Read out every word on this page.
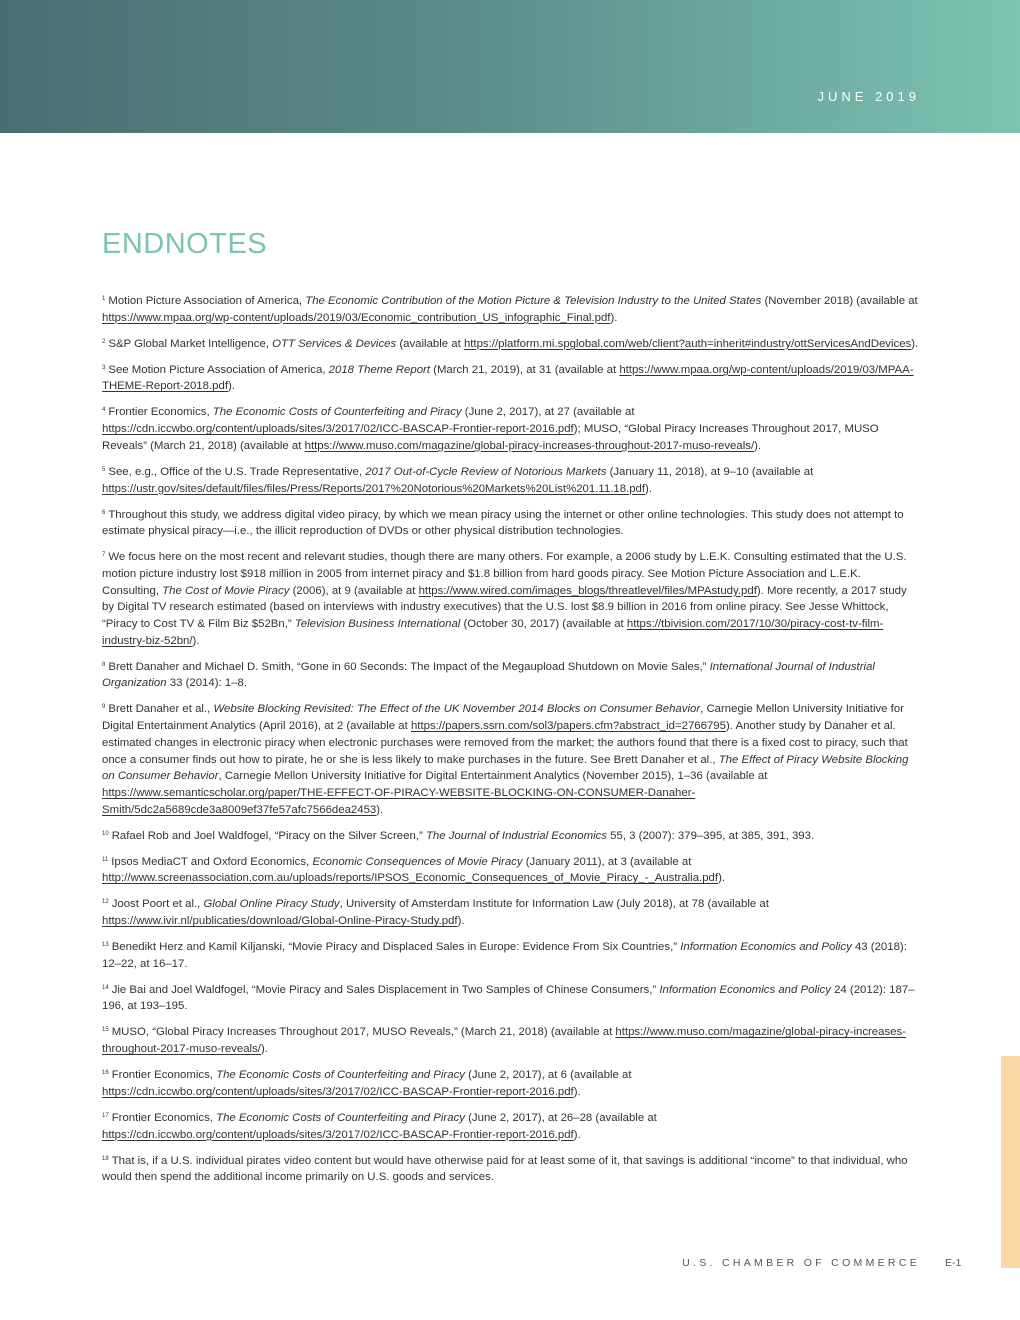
JUNE 2019
ENDNOTES

$^1$ Motion Picture Association of America, The Economic Contribution of the Motion Picture & Television Industry to the United States (November 2018) (available at https://www.mpaa.org/wp-content/uploads/2019/03/Economic_contribution_US_infographic_Final.pdf).

$^2$ S&P Global Market Intelligence, OTT Services & Devices (available at https://platform.mi.spglobal.com/web/client?auth=inherit#industry/ottServicesAndDevices).

$^3$ See Motion Picture Association of America, 2018 Theme Report (March 21, 2019), at 31 (available at https://www.mpaa.org/wp-content/uploads/2019/03/MPAA-THEME-Report-2018.pdf).

$^4$ Frontier Economics, The Economic Costs of Counterfeiting and Piracy (June 2, 2017), at 27 (available at https://cdn.iccwbo.org/content/uploads/sites/3/2017/02/ICC-BASCAP-Frontier-report-2016.pdf); MUSO, “Global Piracy Increases Throughout 2017, MUSO Reveals” (March 21, 2018) (available at https://www.muso.com/magazine/global-piracy-increases-throughout-2017-muso-reveals/).

$^5$ See, e.g., Office of the U.S. Trade Representative, 2017 Out-of-Cycle Review of Notorious Markets (January 11, 2018), at 9–10 (available at https://ustr.gov/sites/default/files/files/Press/Reports/2017%20Notorious%20Markets%20List%201.11.18.pdf).

$^6$ Throughout this study, we address digital video piracy, by which we mean piracy using the internet or other online technologies. This study does not attempt to estimate physical piracy—i.e., the illicit reproduction of DVDs or other physical distribution technologies.

$^7$ We focus here on the most recent and relevant studies, though there are many others. For example, a 2006 study by L.E.K. Consulting estimated that the U.S. motion picture industry lost $918 million in 2005 from internet piracy and $1.8 billion from hard goods piracy. See Motion Picture Association and L.E.K. Consulting, The Cost of Movie Piracy (2006), at 9 (available at https://www.wired.com/images_blogs/threatlevel/files/MPAstudy.pdf). More recently, a 2017 study by Digital TV research estimated (based on interviews with industry executives) that the U.S. lost $8.9 billion in 2016 from online piracy. See Jesse Whittock, “Piracy to Cost TV & Film Biz $52Bn,” Television Business International (October 30, 2017) (available at https://tbivision.com/2017/10/30/piracy-cost-tv-film-industry-biz-52bn/).

$^8$ Brett Danaher and Michael D. Smith, “Gone in 60 Seconds: The Impact of the Megaupload Shutdown on Movie Sales,” International Journal of Industrial Organization 33 (2014): 1–8.

$^9$ Brett Danaher et al., Website Blocking Revisited: The Effect of the UK November 2014 Blocks on Consumer Behavior, Carnegie Mellon University Initiative for Digital Entertainment Analytics (April 2016), at 2 (available at https://papers.ssrn.com/sol3/papers.cfm?abstract_id=2766795). Another study by Danaher et al. estimated changes in electronic piracy when electronic purchases were removed from the market; the authors found that there is a fixed cost to piracy, such that once a consumer finds out how to pirate, he or she is less likely to make purchases in the future. See Brett Danaher et al., The Effect of Piracy Website Blocking on Consumer Behavior, Carnegie Mellon University Initiative for Digital Entertainment Analytics (November 2015), 1–36 (available at https://www.semanticscholar.org/paper/THE-EFFECT-OF-PIRACY-WEBSITE-BLOCKING-ON-CONSUMER-Danaher-Smith/5dc2a5689cde3a8009ef37fe57afc7566dea2453).

$^{10}$ Rafael Rob and Joel Waldfogel, “Piracy on the Silver Screen,” The Journal of Industrial Economics 55, 3 (2007): 379–395, at 385, 391, 393.

$^{11}$ Ipsos MediaCT and Oxford Economics, Economic Consequences of Movie Piracy (January 2011), at 3 (available at http://www.screenassociation.com.au/uploads/reports/IPSOS_Economic_Consequences_of_Movie_Piracy_-_Australia.pdf).

$^{12}$ Joost Poort et al., Global Online Piracy Study, University of Amsterdam Institute for Information Law (July 2018), at 78 (available at https://www.ivir.nl/publicaties/download/Global-Online-Piracy-Study.pdf).

$^{13}$ Benedikt Herz and Kamil Kiljanski, “Movie Piracy and Displaced Sales in Europe: Evidence From Six Countries,” Information Economics and Policy 43 (2018): 12–22, at 16–17.

$^{14}$ Jie Bai and Joel Waldfogel, “Movie Piracy and Sales Displacement in Two Samples of Chinese Consumers,” Information Economics and Policy 24 (2012): 187–196, at 193–195.

$^{15}$ MUSO, “Global Piracy Increases Throughout 2017, MUSO Reveals,” (March 21, 2018) (available at https://www.muso.com/magazine/global-piracy-increases-throughout-2017-muso-reveals/).

$^{16}$ Frontier Economics, The Economic Costs of Counterfeiting and Piracy (June 2, 2017), at 6 (available at https://cdn.iccwbo.org/content/uploads/sites/3/2017/02/ICC-BASCAP-Frontier-report-2016.pdf).

$^{17}$ Frontier Economics, The Economic Costs of Counterfeiting and Piracy (June 2, 2017), at 26–28 (available at https://cdn.iccwbo.org/content/uploads/sites/3/2017/02/ICC-BASCAP-Frontier-report-2016.pdf).

$^{18}$ That is, if a U.S. individual pirates video content but would have otherwise paid for at least some of it, that savings is additional “income” to that individual, who would then spend the additional income primarily on U.S. goods and services.

U.S. CHAMBER OF COMMERCE E-1
